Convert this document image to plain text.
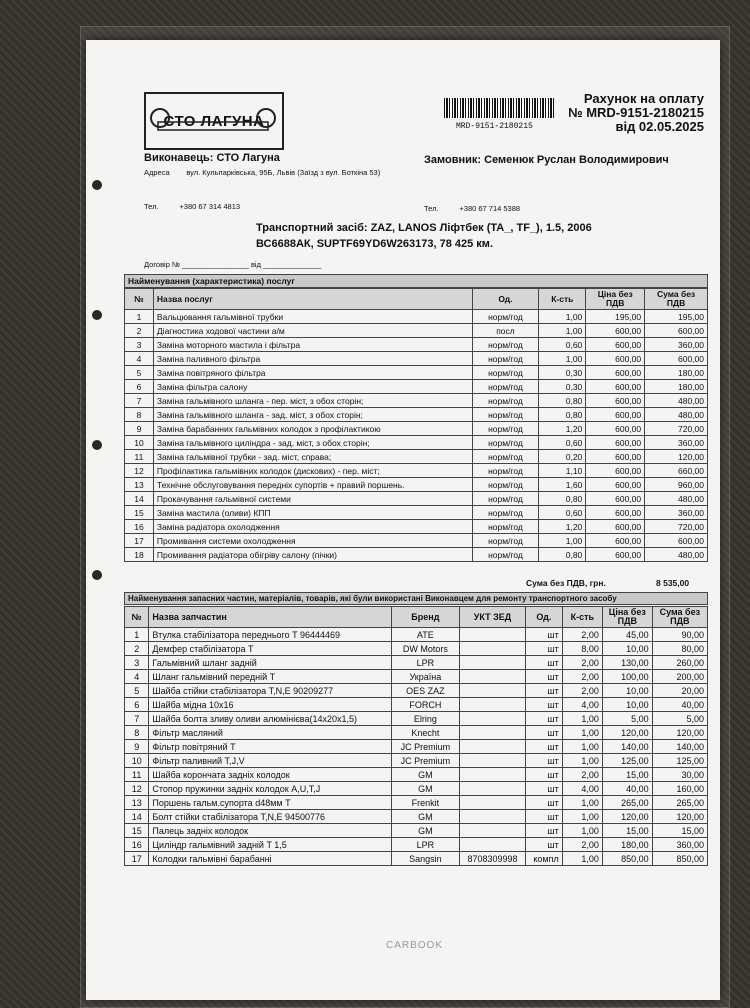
СТО ЛАГУНА	MRD-9151-2180215
Рахунок на оплату
№ MRD-9151-2180215
від 02.05.2025
Виконавець: СТО Лагуна	Замовник: Семенюк Руслан Володимирович
Адреса вул. Кульпарківська, 95Б, Львів (Заїзд з вул. Боткіна 53)
Тел.	+380 67 314 4813	Тел.	+380 67 714 5388
Транспортний засіб: ZAZ, LANOS Ліфтбек (TA_, TF_), 1.5, 2006
ВС6688АК, SUPTF69YD6W263173, 78 425 км.
Договір № ________________ від ______________
Найменування (характеристика) послуг
№	Назва послуг	Од.	К-сть	Ціна без ПДВ	Сума без ПДВ
1	Вальцювання гальмівної трубки	норм/год	1,00	195,00	195,00
2	Діагностика ходової частини а/м	посл	1,00	600,00	600,00
3	Заміна моторного мастила і фільтра	норм/год	0,60	600,00	360,00
4	Заміна паливного фільтра	норм/год	1,00	600,00	600,00
5	Заміна повітряного фільтра	норм/год	0,30	600,00	180,00
6	Заміна фільтра салону	норм/год	0,30	600,00	180,00
7	Заміна гальмівного шланга - пер. міст, з обох сторін;	норм/год	0,80	600,00	480,00
8	Заміна гальмівного шланга - зад. міст, з обох сторін;	норм/год	0,80	600,00	480,00
9	Заміна барабанних гальмівних колодок з профілактикою	норм/год	1,20	600,00	720,00
10	Заміна гальмівного циліндра - зад. міст, з обох сторін;	норм/год	0,60	600,00	360,00
11	Заміна гальмівної трубки - зад. міст, справа;	норм/год	0,20	600,00	120,00
12	Профілактика гальмівних колодок (дискових) - пер. міст;	норм/год	1,10	600,00	660,00
13	Технічне обслуговування передніх супортів + правий поршень.	норм/год	1,60	600,00	960,00
14	Прокачування гальмівної системи	норм/год	0,80	600,00	480,00
15	Заміна мастила (оливи) КПП	норм/год	0,60	600,00	360,00
16	Заміна радіатора охолодження	норм/год	1,20	600,00	720,00
17	Промивання системи охолодження	норм/год	1,00	600,00	600,00
18	Промивання радіатора обігріву салону (пічки)	норм/год	0,80	600,00	480,00
Сума без ПДВ, грн.	8 535,00
Найменування запасних частин, матеріалів, товарів, які були використані Виконавцем для ремонту транспортного засобу
№	Назва запчастин	Бренд	УКТ ЗЕД	Од.	К-сть	Ціна без ПДВ	Сума без ПДВ
1	Втулка стабілізатора переднього T 96444469	ATE		шт	2,00	45,00	90,00
2	Демфер стабілізатора T	DW Motors		шт	8,00	10,00	80,00
3	Гальмівний шланг задній	LPR		шт	2,00	130,00	260,00
4	Шланг гальмівний передній T	Україна		шт	2,00	100,00	200,00
5	Шайба стійки стабілізатора T,N,E 90209277	OES ZAZ		шт	2,00	10,00	20,00
6	Шайба мідна 10х16	FORCH		шт	4,00	10,00	40,00
7	Шайба болта зливу оливи алюмінієва(14х20х1,5)	Elring		шт	1,00	5,00	5,00
8	Фільтр масляний	Knecht		шт	1,00	120,00	120,00
9	Фільтр повітряний T	JC Premium		шт	1,00	140,00	140,00
10	Фільтр паливний T,J,V	JC Premium		шт	1,00	125,00	125,00
11	Шайба корончата задніх колодок	GM		шт	2,00	15,00	30,00
12	Стопор пружинки задніх колодок A,U,T,J	GM		шт	4,00	40,00	160,00
13	Поршень гальм.супорта d48мм T	Frenkit		шт	1,00	265,00	265,00
14	Болт стійки стабілізатора T,N,E 94500776	GM		шт	1,00	120,00	120,00
15	Палець задніх колодок	GM		шт	1,00	15,00	15,00
16	Циліндр гальмівний задній T 1,5	LPR		шт	2,00	180,00	360,00
17	Колодки гальмівні барабанні	Sangsin	8708309998	компл	1,00	850,00	850,00
CARBOOK
